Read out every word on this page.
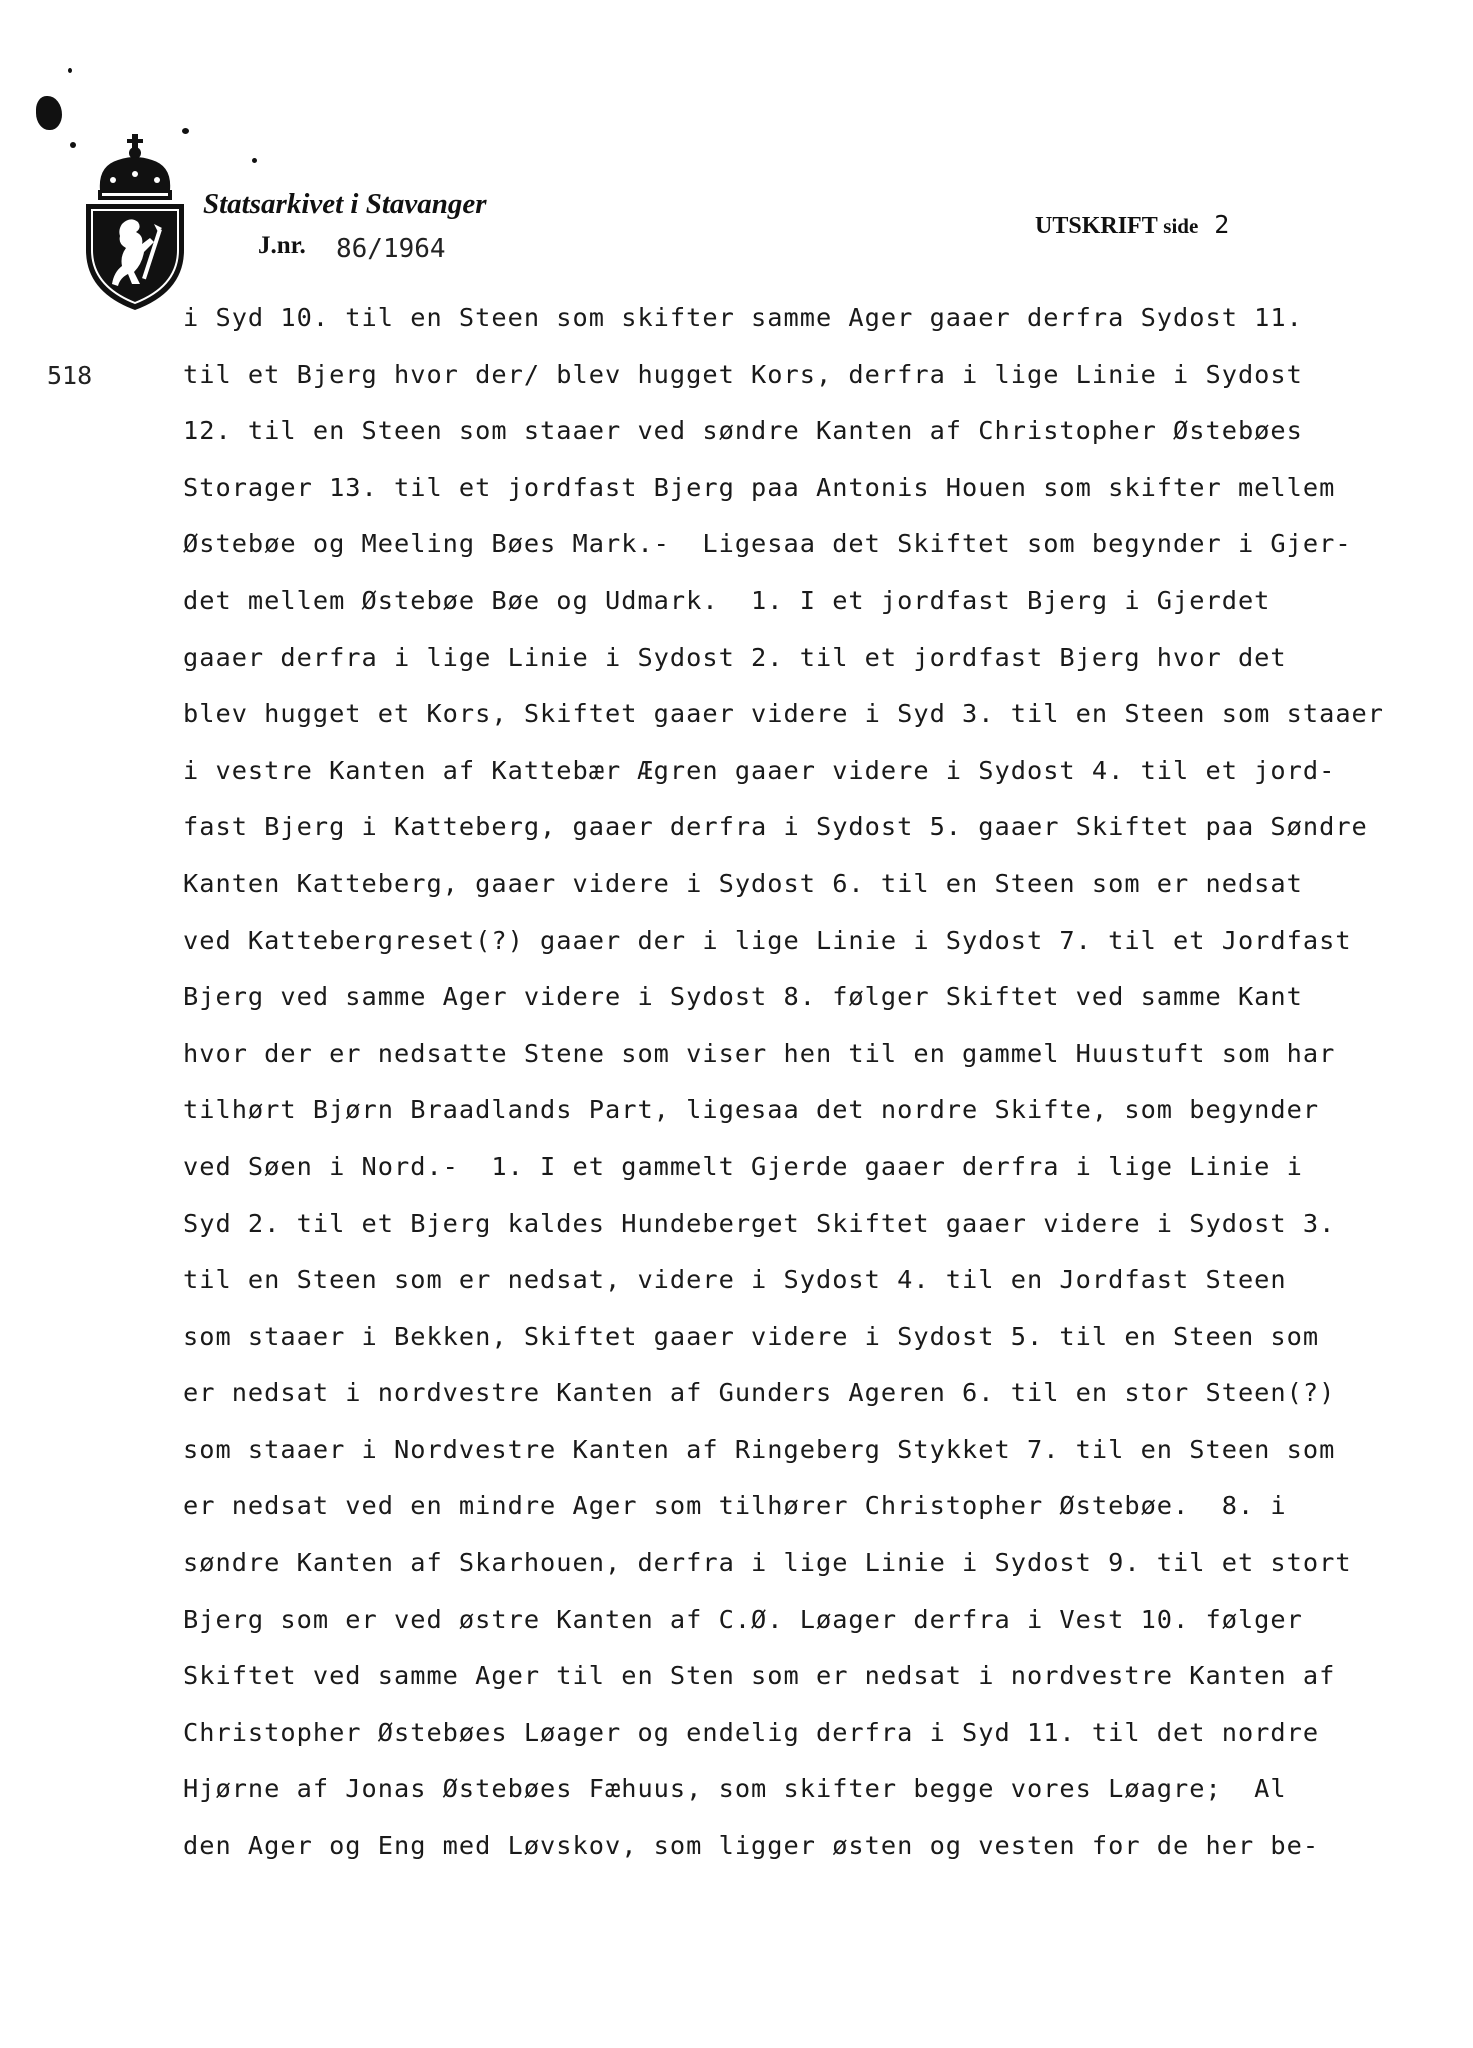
Statsarkivet i Stavanger
J.nr. 86/1964
UTSKRIFT side 2
518
i Syd 10. til en Steen som skifter samme Ager gaaer derfra Sydost 11.
til et Bjerg hvor der/ blev hugget Kors, derfra i lige Linie i Sydost
12. til en Steen som staaer ved søndre Kanten af Christopher Østebøes
Storager 13. til et jordfast Bjerg paa Antonis Houen som skifter mellem
Østebøe og Meeling Bøes Mark.-  Ligesaa det Skiftet som begynder i Gjer-
det mellem Østebøe Bøe og Udmark.  1. I et jordfast Bjerg i Gjerdet
gaaer derfra i lige Linie i Sydost 2. til et jordfast Bjerg hvor det
blev hugget et Kors, Skiftet gaaer videre i Syd 3. til en Steen som staaer
i vestre Kanten af Kattebær Ægren gaaer videre i Sydost 4. til et jord-
fast Bjerg i Katteberg, gaaer derfra i Sydost 5. gaaer Skiftet paa Søndre
Kanten Katteberg, gaaer videre i Sydost 6. til en Steen som er nedsat
ved Kattebergreset(?) gaaer der i lige Linie i Sydost 7. til et Jordfast
Bjerg ved samme Ager videre i Sydost 8. følger Skiftet ved samme Kant
hvor der er nedsatte Stene som viser hen til en gammel Huustuft som har
tilhørt Bjørn Braadlands Part, ligesaa det nordre Skifte, som begynder
ved Søen i Nord.-  1. I et gammelt Gjerde gaaer derfra i lige Linie i
Syd 2. til et Bjerg kaldes Hundeberget Skiftet gaaer videre i Sydost 3.
til en Steen som er nedsat, videre i Sydost 4. til en Jordfast Steen
som staaer i Bekken, Skiftet gaaer videre i Sydost 5. til en Steen som
er nedsat i nordvestre Kanten af Gunders Ageren 6. til en stor Steen(?)
som staaer i Nordvestre Kanten af Ringeberg Stykket 7. til en Steen som
er nedsat ved en mindre Ager som tilhører Christopher Østebøe.  8. i
søndre Kanten af Skarhouen, derfra i lige Linie i Sydost 9. til et stort
Bjerg som er ved østre Kanten af C.Ø. Løager derfra i Vest 10. følger
Skiftet ved samme Ager til en Sten som er nedsat i nordvestre Kanten af
Christopher Østebøes Løager og endelig derfra i Syd 11. til det nordre
Hjørne af Jonas Østebøes Fæhuus, som skifter begge vores Løagre;  Al
den Ager og Eng med Løvskov, som ligger østen og vesten for de her be-
